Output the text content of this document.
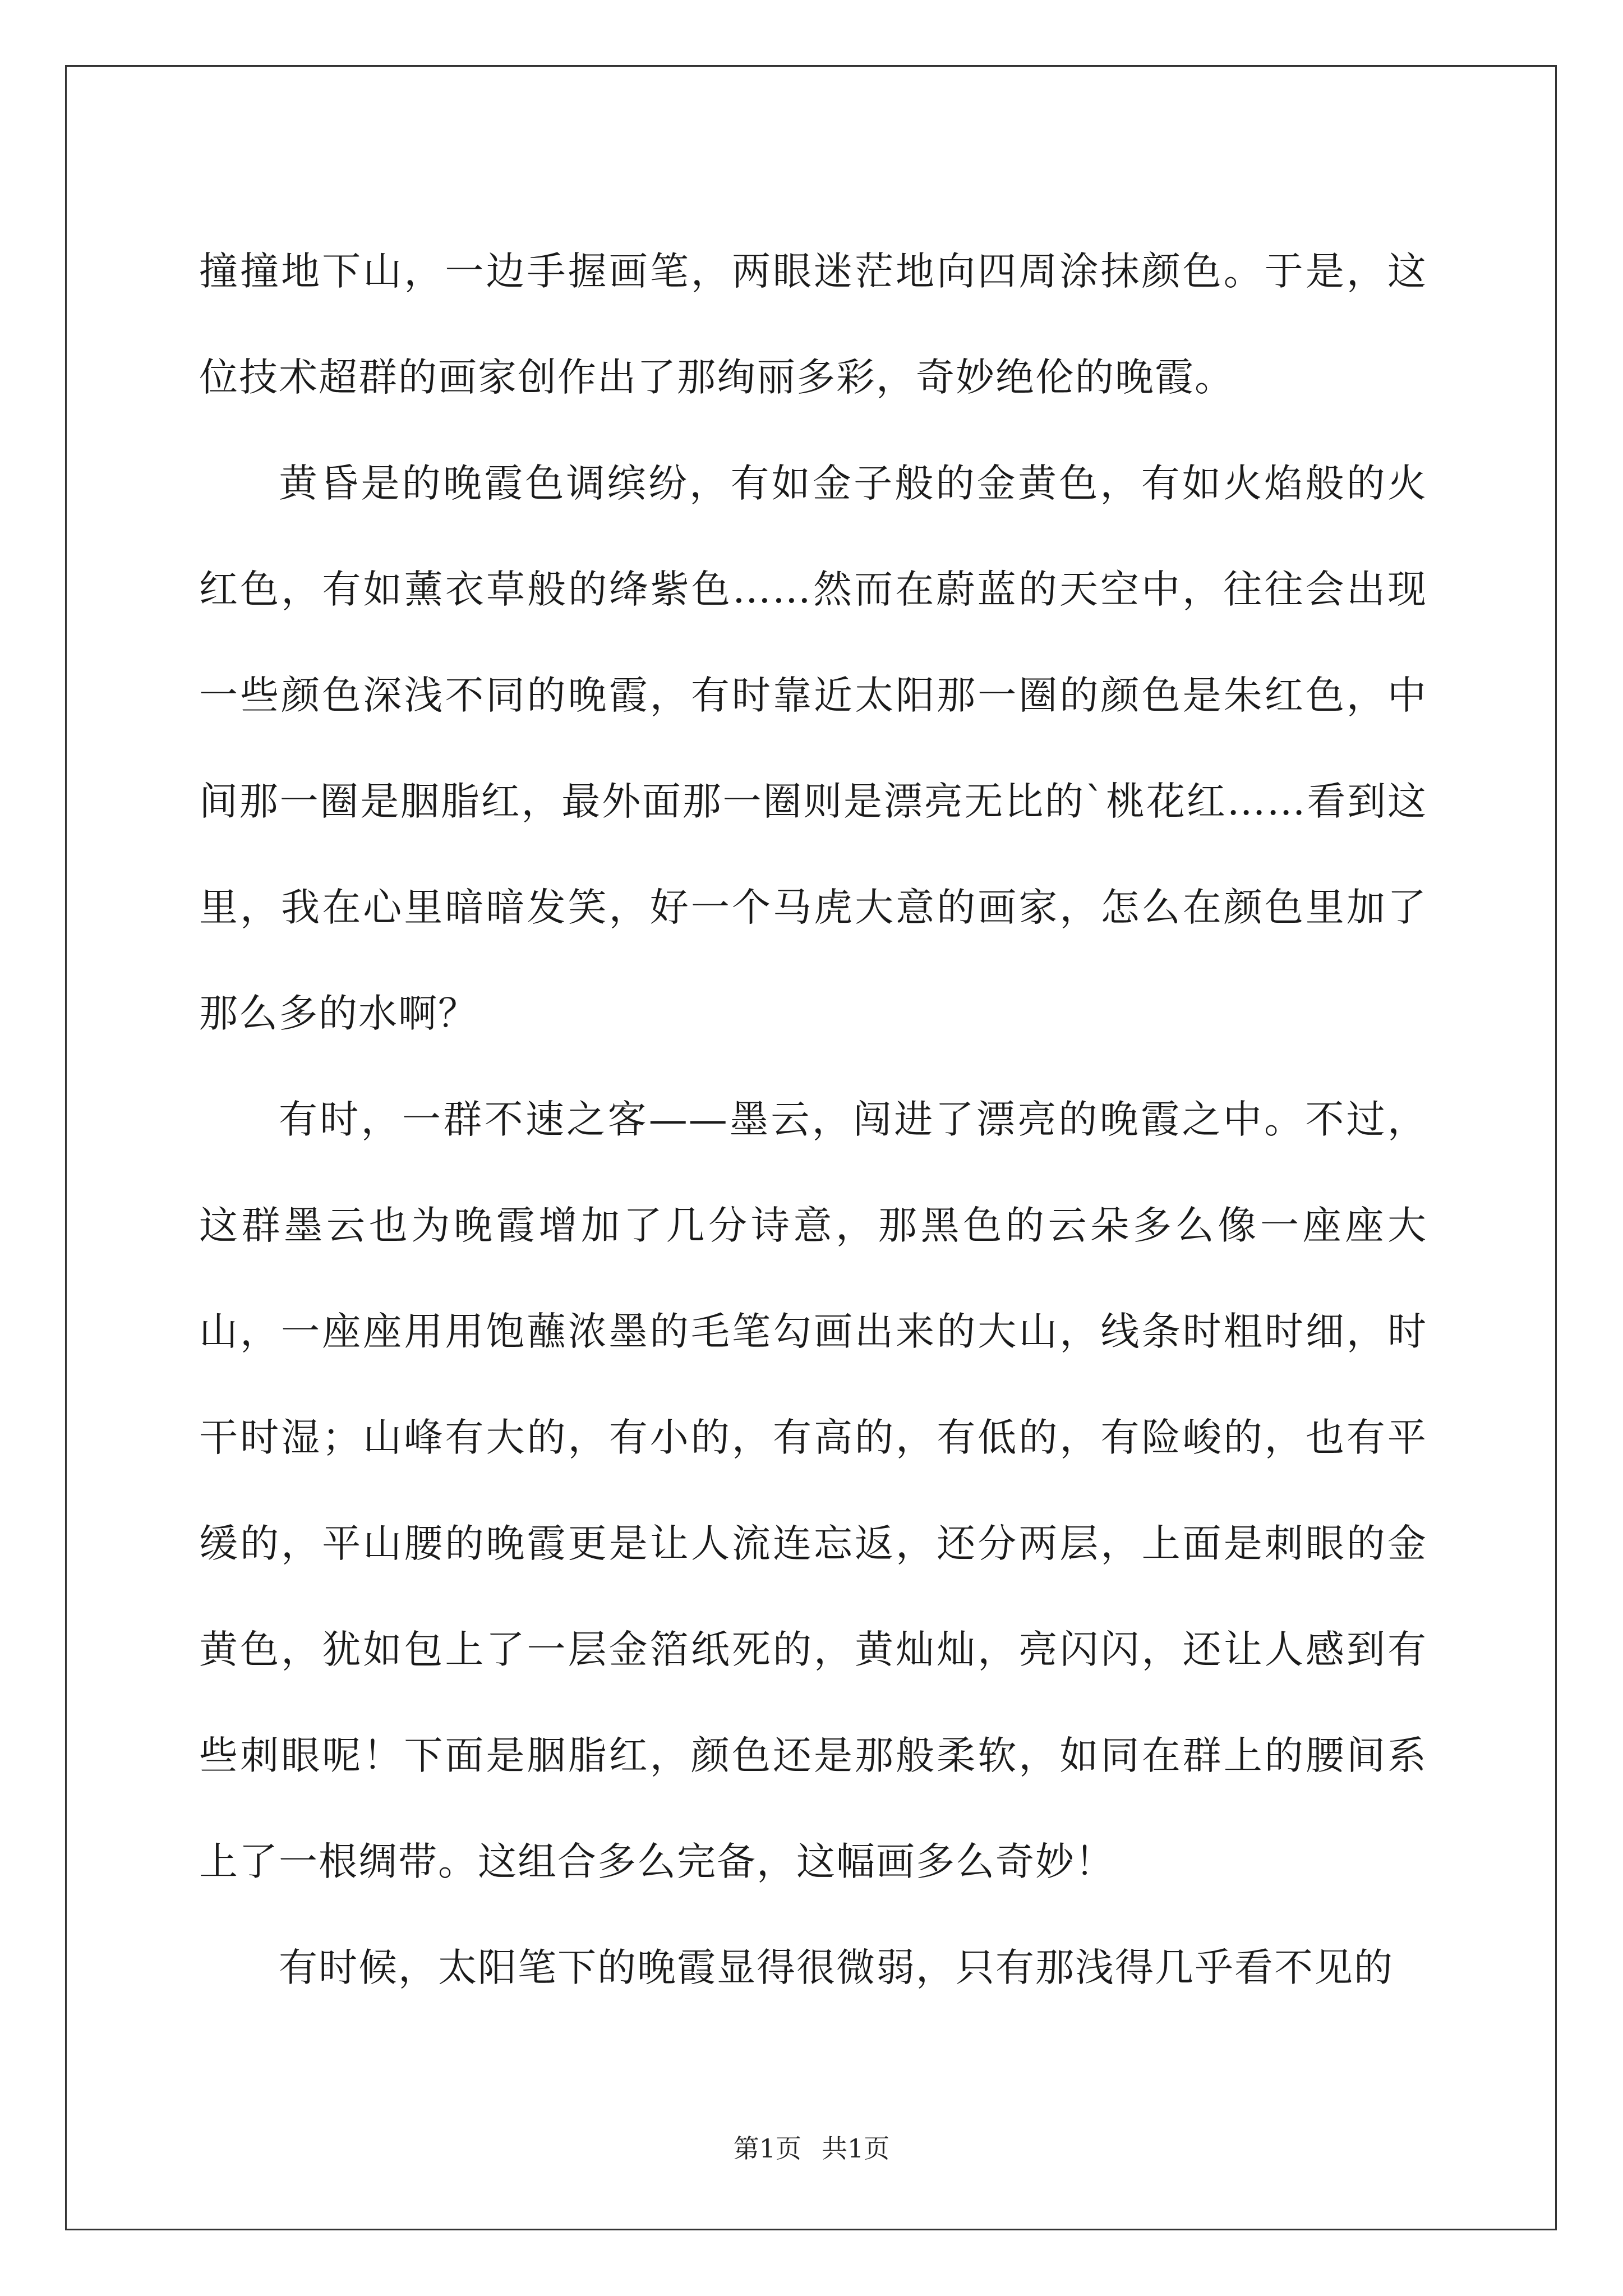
撞撞地下山，一边手握画笔，两眼迷茫地向四周涂抹颜色。于是，这位技术超群的画家创作出了那绚丽多彩，奇妙绝伦的晚霞。

黄昏是的晚霞色调缤纷，有如金子般的金黄色，有如火焰般的火红色，有如薰衣草般的绛紫色……然而在蔚蓝的天空中，往往会出现一些颜色深浅不同的晚霞，有时靠近太阳那一圈的颜色是朱红色，中间那一圈是胭脂红，最外面那一圈则是漂亮无比的`桃花红……看到这里，我在心里暗暗发笑，好一个马虎大意的画家，怎么在颜色里加了那么多的水啊？

有时，一群不速之客——墨云，闯进了漂亮的晚霞之中。不过，这群墨云也为晚霞增加了几分诗意，那黑色的云朵多么像一座座大山，一座座用用饱蘸浓墨的毛笔勾画出来的大山，线条时粗时细，时干时湿；山峰有大的，有小的，有高的，有低的，有险峻的，也有平缓的，平山腰的晚霞更是让人流连忘返，还分两层，上面是刺眼的金黄色，犹如包上了一层金箔纸死的，黄灿灿，亮闪闪，还让人感到有些刺眼呢！下面是胭脂红，颜色还是那般柔软，如同在群上的腰间系上了一根绸带。这组合多么完备，这幅画多么奇妙！

有时候，太阳笔下的晚霞显得很微弱，只有那浅得几乎看不见的

第1页 共1页
